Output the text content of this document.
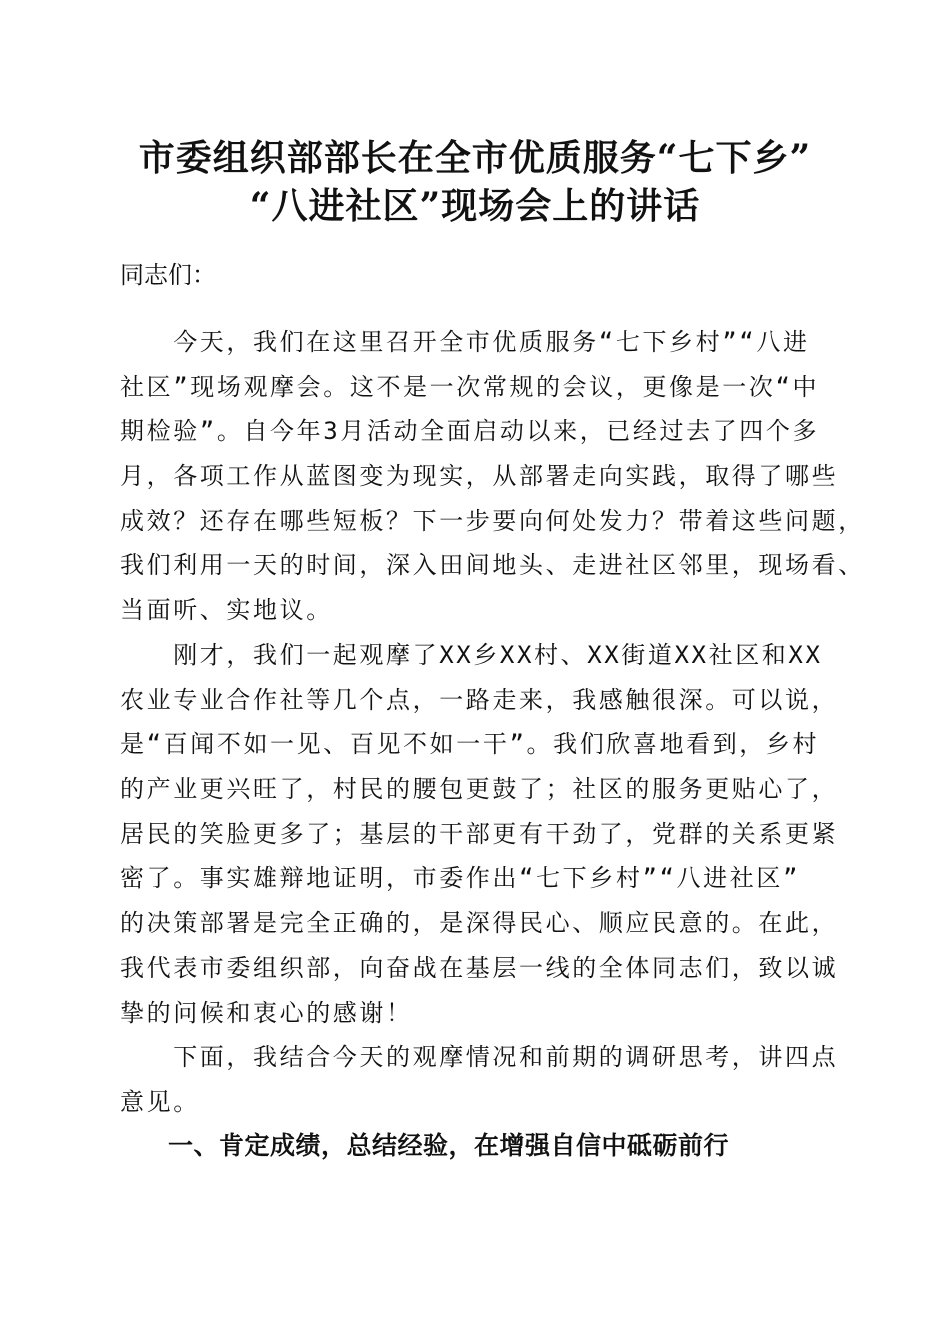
市委组织部部长在全市优质服务“七下乡”
“八进社区”现场会上的讲话
同志们：
　　今天，我们在这里召开全市优质服务“七下乡村”“八进
社区”现场观摩会。这不是一次常规的会议，更像是一次“中
期检验”。自今年3月活动全面启动以来，已经过去了四个多
月，各项工作从蓝图变为现实，从部署走向实践，取得了哪些
成效？还存在哪些短板？下一步要向何处发力？带着这些问题，
我们利用一天的时间，深入田间地头、走进社区邻里，现场看、
当面听、实地议。
　　刚才，我们一起观摩了XX乡XX村、XX街道XX社区和XX
农业专业合作社等几个点，一路走来，我感触很深。可以说，
是“百闻不如一见、百见不如一干”。我们欣喜地看到，乡村
的产业更兴旺了，村民的腰包更鼓了；社区的服务更贴心了，
居民的笑脸更多了；基层的干部更有干劲了，党群的关系更紧
密了。事实雄辩地证明，市委作出“七下乡村”“八进社区”
的决策部署是完全正确的，是深得民心、顺应民意的。在此，
我代表市委组织部，向奋战在基层一线的全体同志们，致以诚
挚的问候和衷心的感谢！
　　下面，我结合今天的观摩情况和前期的调研思考，讲四点
意见。
一、肯定成绩，总结经验，在增强自信中砥砺前行
